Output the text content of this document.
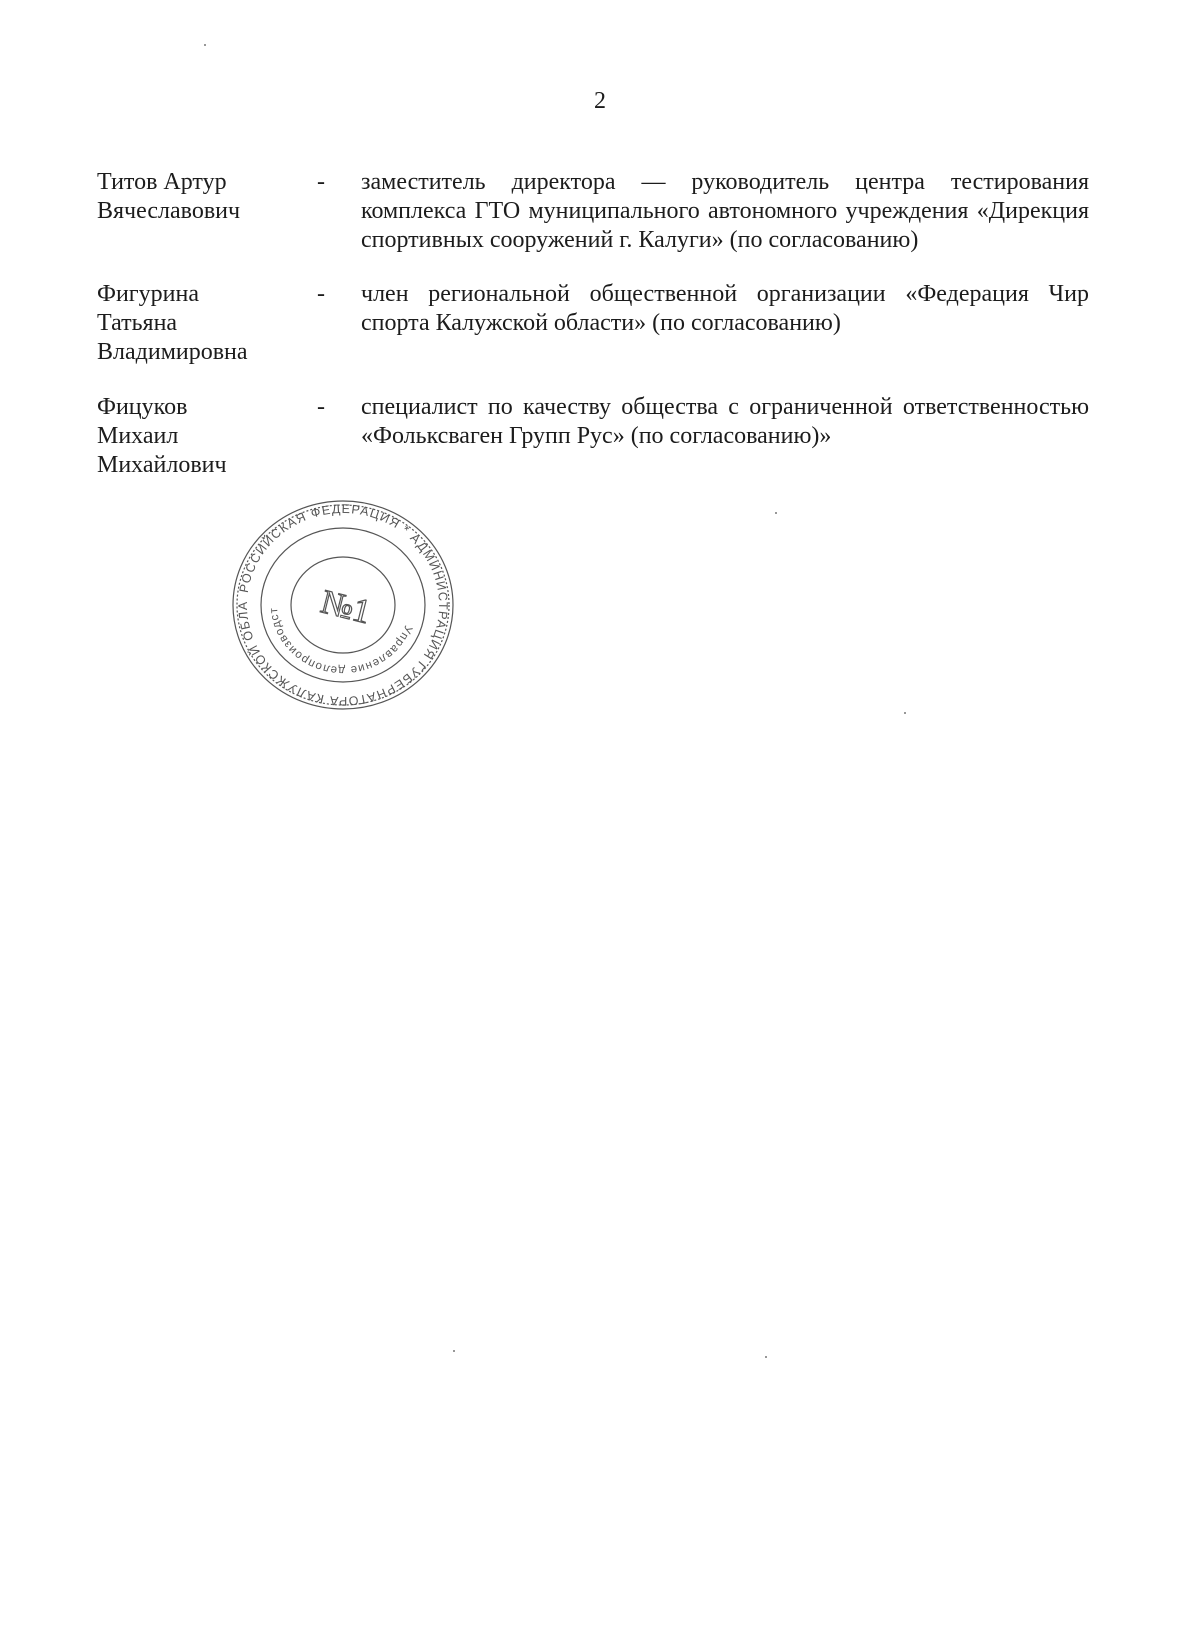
2
Титов Артур
Вячеславович
- заместитель директора — руководитель центра тестирования комплекса ГТО муниципального автономного учреждения «Дирекция спортивных сооружений г. Калуги» (по согласованию)
Фигурина
Татьяна
Владимировна
- член региональной общественной организации «Федерация Чир спорта Калужской области» (по согласованию)
Фицуков
Михаил
Михайлович
- специалист по качеству общества с ограниченной ответственностью «Фольксваген Групп Рус» (по согласованию)»
РОССИЙСКАЯ ФЕДЕРАЦИЯ * АДМИНИСТРАЦИЯ ГУБЕРНАТОРА КАЛУЖСКОЙ ОБЛА
Управление делопроизводст	№1
